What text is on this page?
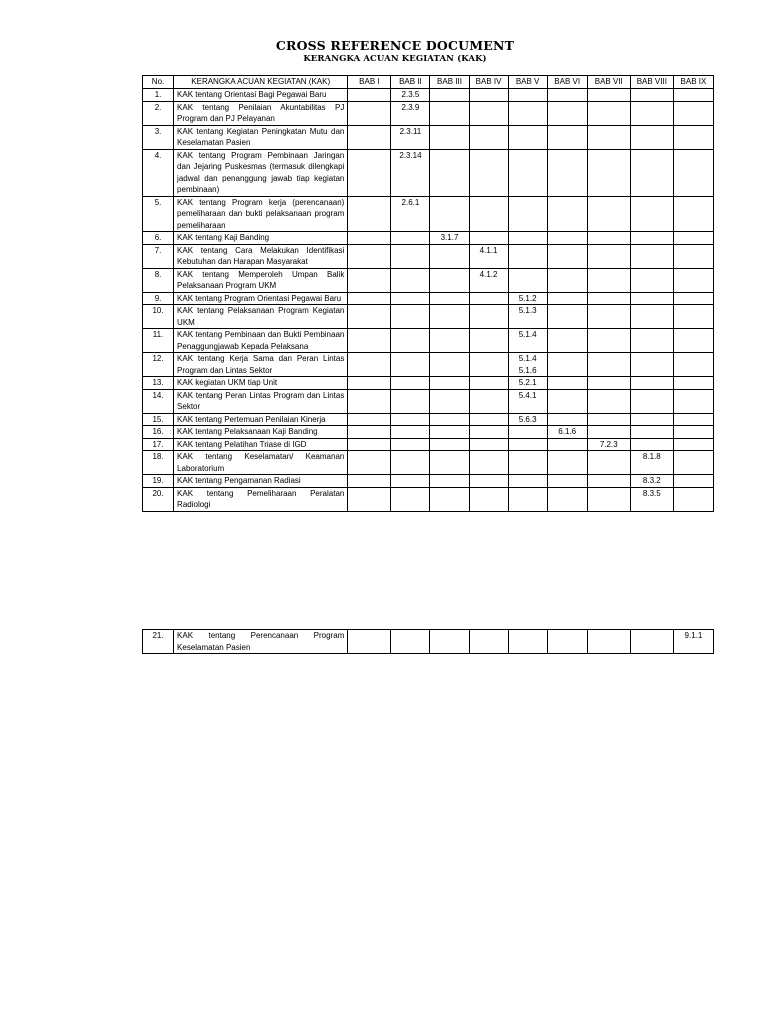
CROSS REFERENCE DOCUMENT
KERANGKA ACUAN KEGIATAN (KAK)
No.	KERANGKA ACUAN KEGIATAN (KAK)	BAB I	BAB II	BAB III	BAB IV	BAB V	BAB VI	BAB VII	BAB VIII	BAB IX
1.	KAK tentang Orientasi Bagi Pegawai Baru		2.3.5							
2.	KAK tentang Penilaian Akuntabilitas PJ Program dan PJ Pelayanan		2.3.9							
3.	KAK tentang Kegiatan Peningkatan Mutu dan Keselamatan Pasien		2.3.11							
4.	KAK tentang Program Pembinaan Jaringan dan Jejaring Puskesmas (termasuk dilengkapi jadwal dan penanggung jawab tiap kegiatan pembinaan)		2.3.14							
5.	KAK tentang Program kerja (perencanaan) pemeliharaan dan bukti pelaksanaan program pemeliharaan		2.6.1							
6.	KAK tentang Kaji Banding			3.1.7						
7.	KAK tentang Cara Melakukan Identifikasi Kebutuhan dan Harapan Masyarakat				4.1.1					
8.	KAK tentang Memperoleh Umpan Balik Pelaksanaan Program UKM				4.1.2					
9.	KAK tentang Program Orientasi Pegawai Baru					5.1.2				
10.	KAK tentang Pelaksanaan Program Kegiatan UKM					5.1.3				
11.	KAK tentang Pembinaan dan Bukti Pembinaan Penaggungjawab Kepada Pelaksana					5.1.4				
12.	KAK tentang Kerja Sama dan Peran Lintas Program dan Lintas Sektor					5.1.4
5.1.6				
13.	KAK kegiatan UKM tiap Unit					5.2.1				
14.	KAK tentang Peran Lintas Program dan Lintas Sektor					5.4.1				
15.	KAK tentang Pertemuan Penilaian Kinerja					5.6.3				
16.	KAK tentang Pelaksanaan Kaji Banding						6.1.6			
17.	KAK tentang Pelatihan Triase di IGD							7.2.3		
18.	KAK tentang Keselamatan/ Keamanan Laboratorium								8.1.8	
19.	KAK tentang Pengamanan Radiasi								8.3.2	
20.	KAK tentang Pemeliharaan Peralatan Radiologi								8.3.5	
21.	KAK tentang Perencanaan Program Keselamatan Pasien									9.1.1
